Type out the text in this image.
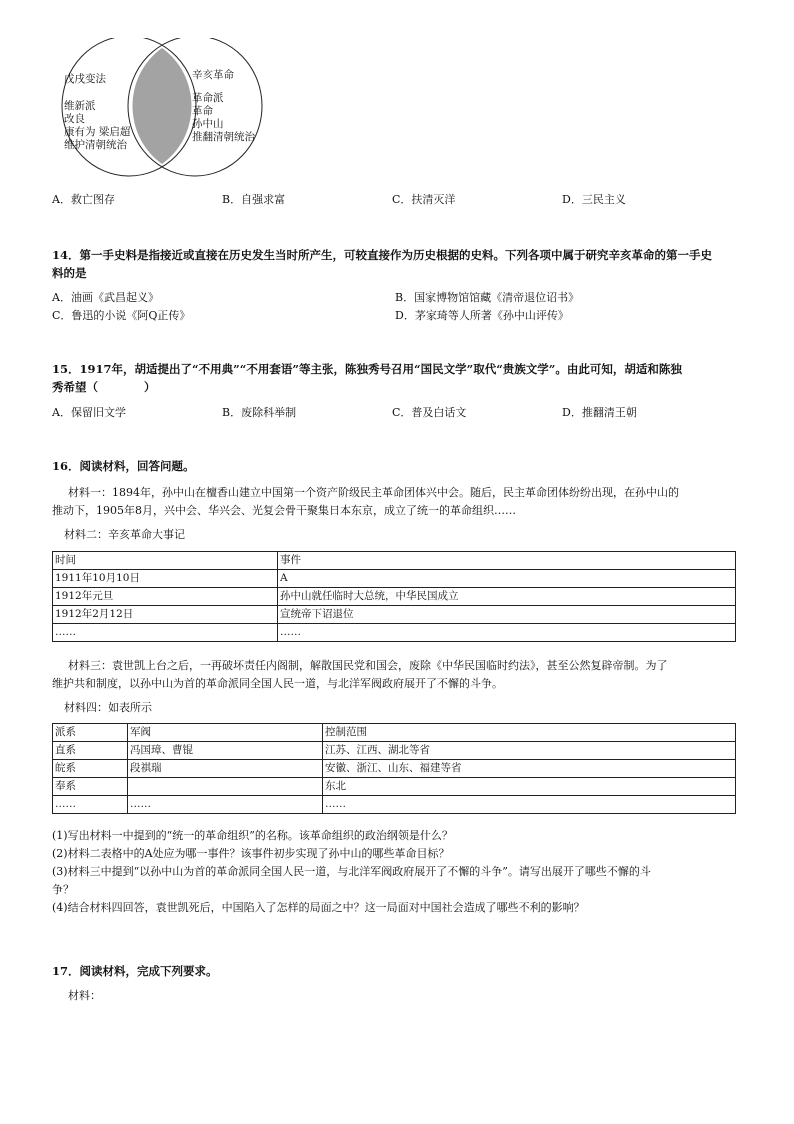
戊戌变法
维新派
改良
康有为 梁启超
维护清朝统治
辛亥革命
革命派
革命
孙中山
推翻清朝统治
A．救亡图存	B．自强求富	C．扶清灭洋	D．三民主义
14．第一手史料是指接近或直接在历史发生当时所产生，可较直接作为历史根据的史料。下列各项中属于研究辛亥革命的第一手史
料的是
A．油画《武昌起义》	B．国家博物馆馆藏《清帝退位诏书》
C．鲁迅的小说《阿Q正传》	D．茅家琦等人所著《孙中山评传》
15．1917年，胡适提出了“不用典”“不用套语”等主张，陈独秀号召用“国民文学”取代“贵族文学”。由此可知，胡适和陈独
秀希望（　　　　）
A．保留旧文学	B．废除科举制	C．普及白话文	D．推翻清王朝
16．阅读材料，回答问题。
材料一：1894年，孙中山在檀香山建立中国第一个资产阶级民主革命团体兴中会。随后，民主革命团体纷纷出现，在孙中山的
推动下，1905年8月，兴中会、华兴会、光复会骨干聚集日本东京，成立了统一的革命组织……
材料二：辛亥革命大事记
时间	事件
1911年10月10日	A
1912年元旦	孙中山就任临时大总统，中华民国成立
1912年2月12日	宣统帝下诏退位
……	……
材料三：袁世凯上台之后，一再破坏责任内阁制，解散国民党和国会，废除《中华民国临时约法》，甚至公然复辟帝制。为了
维护共和制度，以孙中山为首的革命派同全国人民一道，与北洋军阀政府展开了不懈的斗争。
材料四：如表所示
派系	军阀	控制范围
直系	冯国璋、曹锟	江苏、江西、湖北等省
皖系	段祺瑞	安徽、浙江、山东、福建等省
奉系		东北
……	……	……
(1)写出材料一中提到的“统一的革命组织”的名称。该革命组织的政治纲领是什么？
(2)材料二表格中的A处应为哪一事件？该事件初步实现了孙中山的哪些革命目标？
(3)材料三中提到“以孙中山为首的革命派同全国人民一道，与北洋军阀政府展开了不懈的斗争”。请写出展开了哪些不懈的斗
争？
(4)结合材料四回答，袁世凯死后，中国陷入了怎样的局面之中？这一局面对中国社会造成了哪些不利的影响？
17．阅读材料，完成下列要求。
材料：
